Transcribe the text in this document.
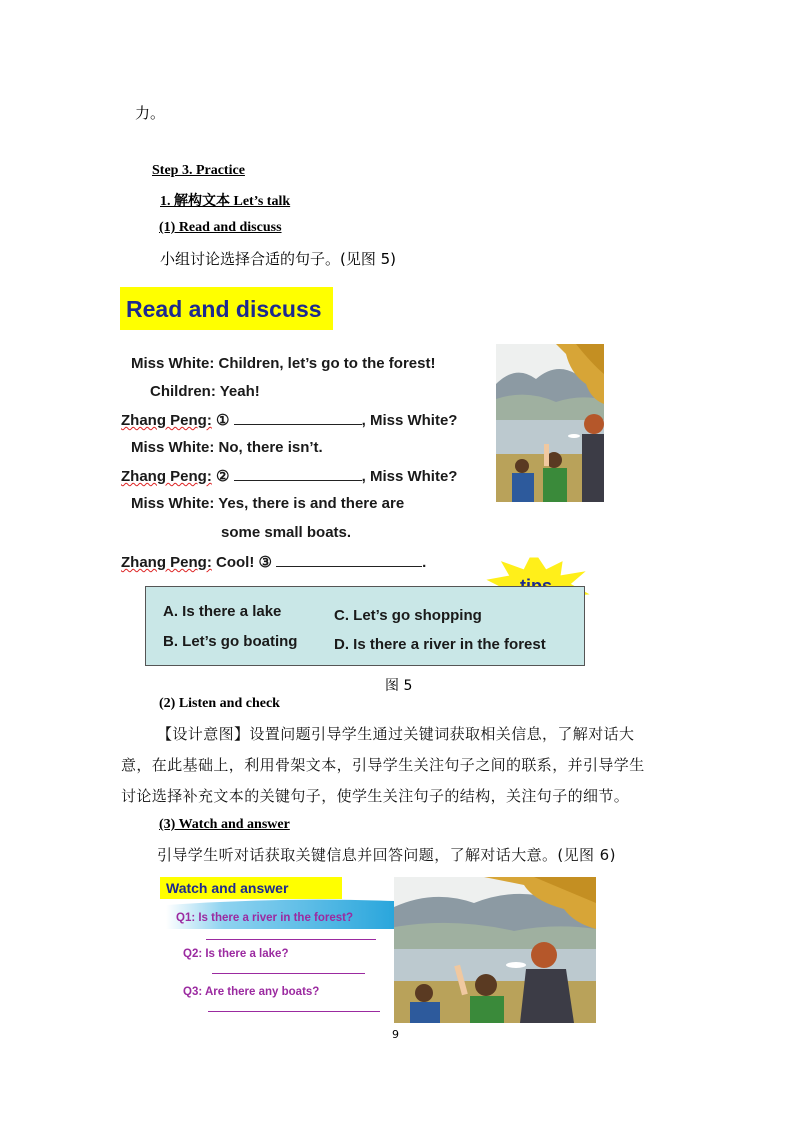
力。
Step 3. Practice
1. 解构文本 Let’s talk
(1) Read and discuss
小组讨论选择合适的句子。(见图 5)
Read and discuss
Miss White: Children, let’s go to the forest!
Children: Yeah!
Zhang Peng: ①	, Miss White?
Miss White: No, there isn’t.
Zhang Peng: ②	, Miss White?
Miss White: Yes, there is and there are
some small boats.
Zhang Peng: Cool! ③	.
A. Is there a lake
B. Let’s go boating
C. Let’s go shopping
D. Is there a river in the forest
图 5
(2) Listen and check
【设计意图】设置问题引导学生通过关键词获取相关信息，了解对话大
意，在此基础上，利用骨架文本，引导学生关注句子之间的联系，并引导学生
讨论选择补充文本的关键句子，使学生关注句子的结构，关注句子的细节。
(3) Watch and answer
引导学生听对话获取关键信息并回答问题，了解对话大意。(见图 6)
Watch and answer
Q1: Is there a river in the forest?
Q2: Is there a lake?
Q3: Are there any boats?
9
